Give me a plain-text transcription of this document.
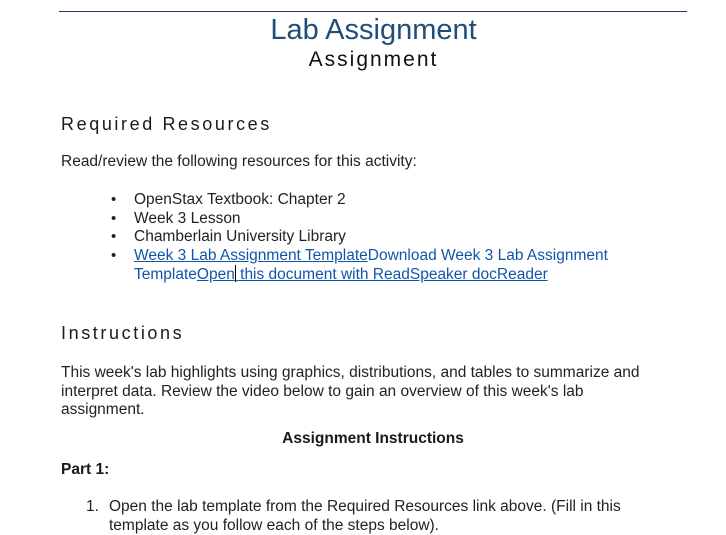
Lab Assignment
Assignment
Required Resources
Read/review the following resources for this activity:
• OpenStax Textbook: Chapter 2
• Week 3 Lesson
• Chamberlain University Library
• Week 3 Lab Assignment TemplateDownload Week 3 Lab Assignment TemplateOpen this document with ReadSpeaker docReader
Instructions
This week's lab highlights using graphics, distributions, and tables to summarize and interpret data. Review the video below to gain an overview of this week's lab assignment.
Assignment Instructions
Part 1:
1. Open the lab template from the Required Resources link above. (Fill in this template as you follow each of the steps below).
